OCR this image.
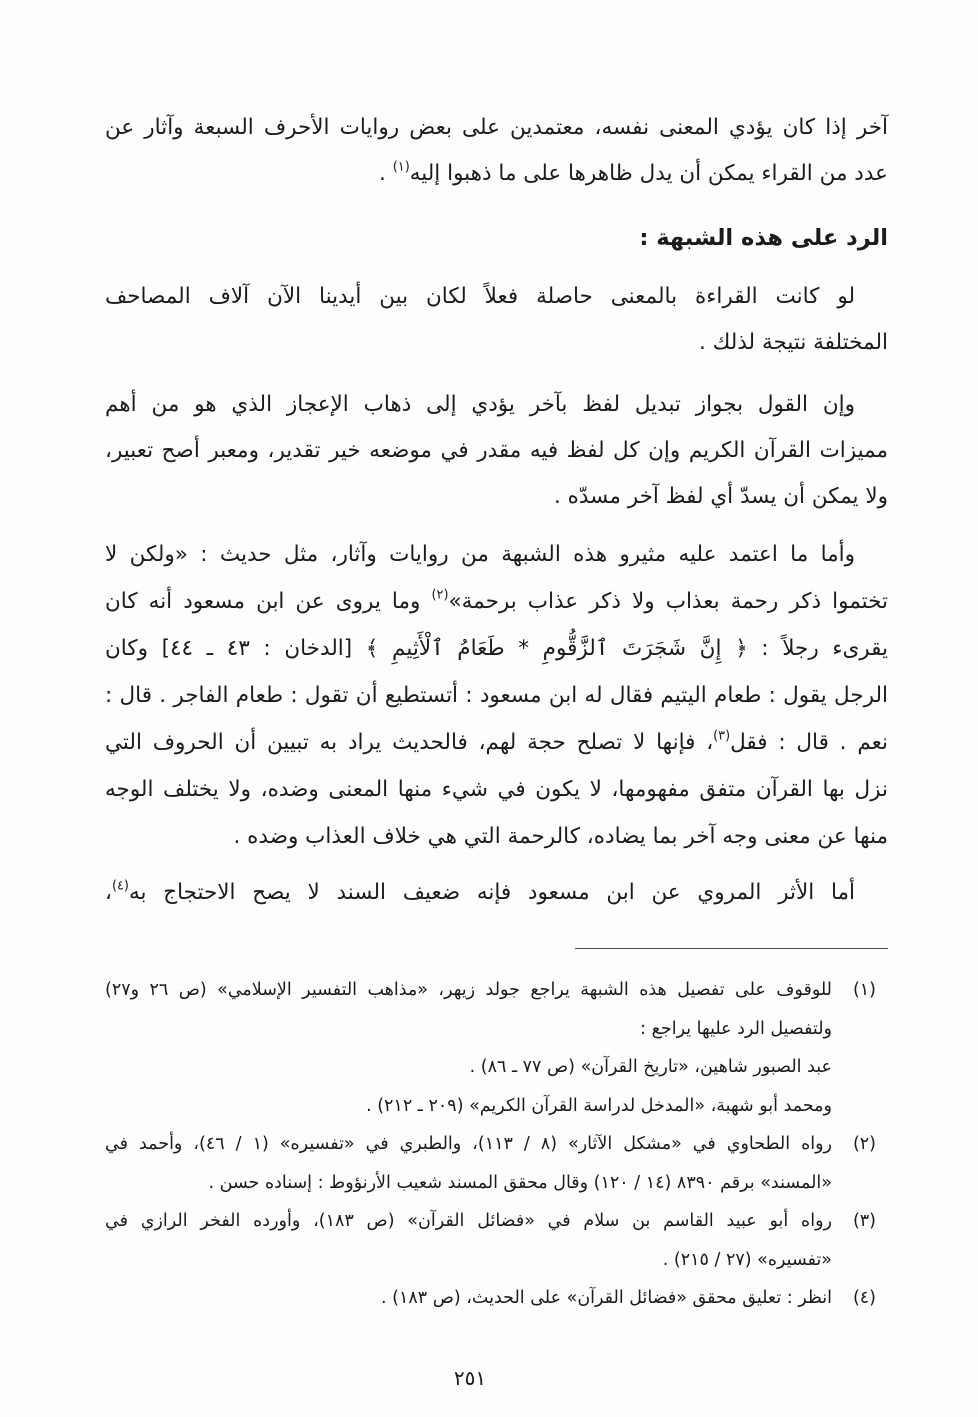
آخر إذا كان يؤدي المعنى نفسه، معتمدين على بعض روايات الأحرف السبعة وآثار عن
عدد من القراء يمكن أن يدل ظاهرها على ما ذهبوا إليه$^{(١)}$ .
الرد على هذه الشبهة :
لو كانت القراءة بالمعنى حاصلة فعلاً لكان بين أيدينا الآن آلاف المصاحف
المختلفة نتيجة لذلك .
وإن القول بجواز تبديل لفظ بآخر يؤدي إلى ذهاب الإعجاز الذي هو من أهم
مميزات القرآن الكريم وإن كل لفظ فيه مقدر في موضعه خير تقدير، ومعبر أصح تعبير،
ولا يمكن أن يسدّ أي لفظ آخر مسدّه .
وأما ما اعتمد عليه مثيرو هذه الشبهة من روايات وآثار، مثل حديث : «ولكن لا
تختموا ذكر رحمة بعذاب ولا ذكر عذاب برحمة»$^{(٢)}$ وما يروى عن ابن مسعود أنه كان
يقرىء رجلاً : ﴿ إِنَّ شَجَرَتَ ٱلزَّقُّومِ * طَعَامُ ٱلْأَثِيمِ ﴾ [الدخان : ٤٣ ـ ٤٤] وكان
الرجل يقول : طعام اليتيم فقال له ابن مسعود : أتستطيع أن تقول : طعام الفاجر . قال :
نعم . قال : فقل$^{(٣)}$، فإنها لا تصلح حجة لهم، فالحديث يراد به تبيين أن الحروف التي
نزل بها القرآن متفق مفهومها، لا يكون في شيء منها المعنى وضده، ولا يختلف الوجه
منها عن معنى وجه آخر بما يضاده، كالرحمة التي هي خلاف العذاب وضده .
أما الأثر المروي عن ابن مسعود فإنه ضعيف السند لا يصح الاحتجاج به$^{(٤)}$،
(١)
للوقوف على تفصيل هذه الشبهة يراجع جولد زيهر، «مذاهب التفسير الإسلامي» (ص ٢٦ و٢٧)
ولتفصيل الرد عليها يراجع :
عبد الصبور شاهين، «تاريخ القرآن» (ص ٧٧ ـ ٨٦) .
ومحمد أبو شهبة، «المدخل لدراسة القرآن الكريم» (٢٠٩ ـ ٢١٢) .
(٢)
رواه الطحاوي في «مشكل الآثار» (٨ / ١١٣)، والطبري في «تفسيره» (١ / ٤٦)، وأحمد في
«المسند» برقم ٨٣٩٠ (١٤ / ١٢٠) وقال محقق المسند شعيب الأرنؤوط : إسناده حسن .
(٣)
رواه أبو عبيد القاسم بن سلام في «فضائل القرآن» (ص ١٨٣)، وأورده الفخر الرازي في
«تفسيره» (٢٧ / ٢١٥) .
(٤)
انظر : تعليق محقق «فضائل القرآن» على الحديث، (ص ١٨٣) .
٢٥١
